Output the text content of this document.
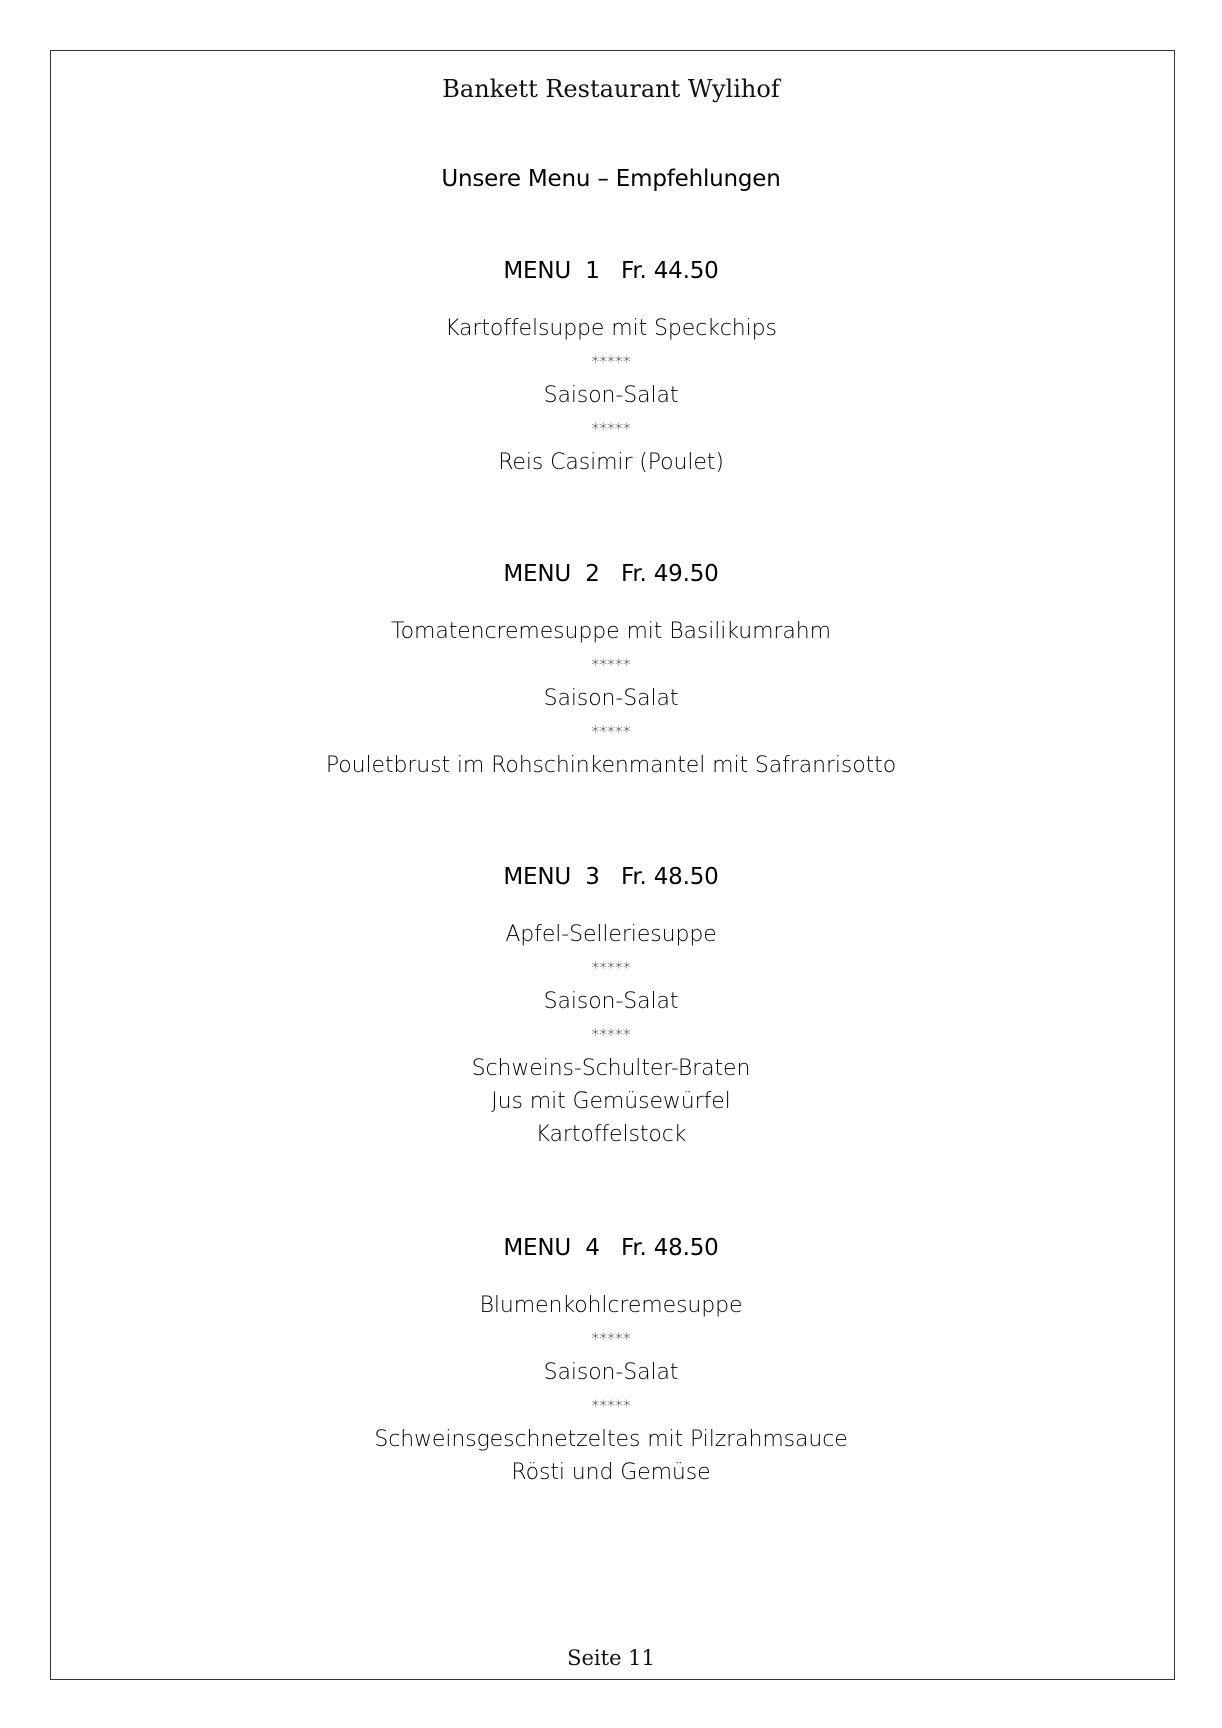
Bankett Restaurant Wylihof
Unsere Menu – Empfehlungen
MENU  1   Fr. 44.50
Kartoffelsuppe mit Speckchips
*****
Saison-Salat
*****
Reis Casimir (Poulet)
MENU  2   Fr. 49.50
Tomatencremesuppe mit Basilikumrahm
*****
Saison-Salat
*****
Pouletbrust im Rohschinkenmantel mit Safranrisotto
MENU  3   Fr. 48.50
Apfel-Selleriesuppe
*****
Saison-Salat
*****
Schweins-Schulter-Braten
Jus mit Gemüsewürfel
Kartoffelstock
MENU  4   Fr. 48.50
Blumenkohlcremesuppe
*****
Saison-Salat
*****
Schweinsgeschnetzeltes mit Pilzrahmsauce
Rösti und Gemüse
Seite 11
